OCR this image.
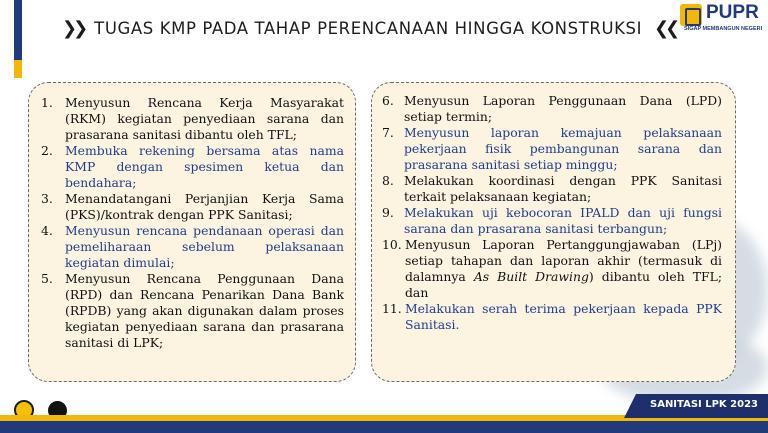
❯❯ TUGAS KMP PADA TAHAP PERENCANAAN HINGGA KONSTRUKSI ❮❮
PUPR
SIGAP MEMBANGUN NEGERI
1. Menyusun Rencana Kerja Masyarakat (RKM) kegiatan penyediaan sarana dan prasarana sanitasi dibantu oleh TFL;
2. Membuka rekening bersama atas nama KMP dengan spesimen ketua dan bendahara;
3. Menandatangani Perjanjian Kerja Sama (PKS)/kontrak dengan PPK Sanitasi;
4. Menyusun rencana pendanaan operasi dan pemeliharaan sebelum pelaksanaan kegiatan dimulai;
5. Menyusun Rencana Penggunaan Dana (RPD) dan Rencana Penarikan Dana Bank (RPDB) yang akan digunakan dalam proses kegiatan penyediaan sarana dan prasarana sanitasi di LPK;
6. Menyusun Laporan Penggunaan Dana (LPD) setiap termin;
7. Menyusun laporan kemajuan pelaksanaan pekerjaan fisik pembangunan sarana dan prasarana sanitasi setiap minggu;
8. Melakukan koordinasi dengan PPK Sanitasi terkait pelaksanaan kegiatan;
9. Melakukan uji kebocoran IPALD dan uji fungsi sarana dan prasarana sanitasi terbangun;
10. Menyusun Laporan Pertanggungjawaban (LPj) setiap tahapan dan laporan akhir (termasuk di dalamnya As Built Drawing) dibantu oleh TFL; dan
11. Melakukan serah terima pekerjaan kepada PPK Sanitasi.
SANITASI LPK 2023
